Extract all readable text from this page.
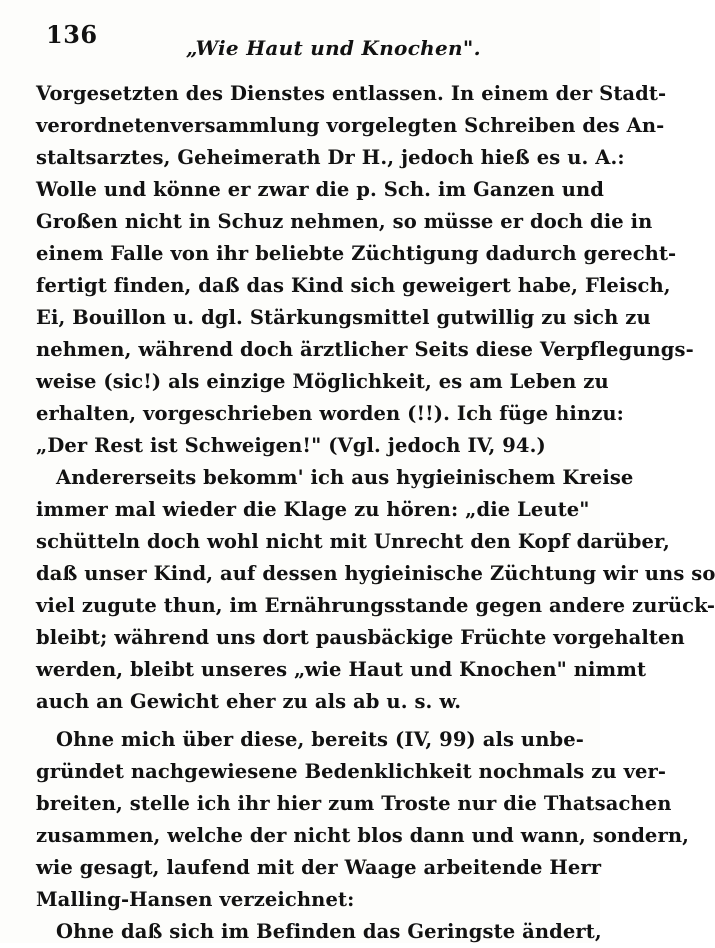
136	„Wie Haut und Knochen".
Vorgesetzten des Dienstes entlassen. In einem der Stadt-
verordnetenversammlung vorgelegten Schreiben des An-
staltsarztes, Geheimerath Dr H., jedoch hieß es u. A.:
Wolle und könne er zwar die p. Sch. im Ganzen und
Großen nicht in Schuz nehmen, so müsse er doch die in
einem Falle von ihr beliebte Züchtigung dadurch gerecht-
fertigt finden, daß das Kind sich geweigert habe, Fleisch,
Ei, Bouillon u. dgl. Stärkungsmittel gutwillig zu sich zu
nehmen, während doch ärztlicher Seits diese Verpflegungs-
weise (sic!) als einzige Möglichkeit, es am Leben zu
erhalten, vorgeschrieben worden (!!). Ich füge hinzu:
„Der Rest ist Schweigen!" (Vgl. jedoch IV, 94.)
Andererseits bekomm' ich aus hygieinischem Kreise
immer mal wieder die Klage zu hören: „die Leute"
schütteln doch wohl nicht mit Unrecht den Kopf darüber,
daß unser Kind, auf dessen hygieinische Züchtung wir uns so
viel zugute thun, im Ernährungsstande gegen andere zurück-
bleibt; während uns dort pausbäckige Früchte vorgehalten
werden, bleibt unseres „wie Haut und Knochen" nimmt
auch an Gewicht eher zu als ab u. s. w.
Ohne mich über diese, bereits (IV, 99) als unbe-
gründet nachgewiesene Bedenklichkeit nochmals zu ver-
breiten, stelle ich ihr hier zum Troste nur die Thatsachen
zusammen, welche der nicht blos dann und wann, sondern,
wie gesagt, laufend mit der Waage arbeitende Herr
Malling-Hansen verzeichnet:
Ohne daß sich im Befinden das Geringste ändert,
